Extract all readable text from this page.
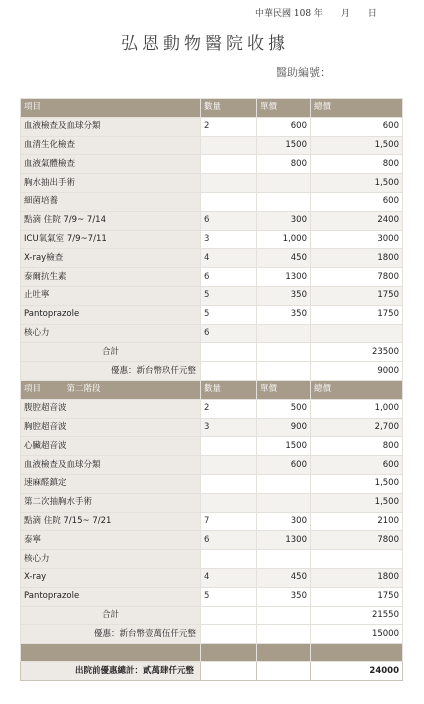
中華民國 108 年　　月　　日
弘恩動物醫院收據
醫助編號：
項目	數量	單價	總價
血液檢查及血球分類	2	600	600
血清生化檢查		1500	1,500
血液氣體檢查		800	800
胸水抽出手術			1,500
細菌培養			600
點滴 住院 7/9~ 7/14	6	300	2400
ICU氧氣室 7/9~7/11	3	1,000	3000
X-ray檢查	4	450	1800
泰爾抗生素	6	1300	7800
止吐寧	5	350	1750
Pantoprazole	5	350	1750
核心力	6		
合計			23500
優惠：新台幣玖仟元整			9000
項目　　　第二階段	數量	單價	總價
腹腔超音波	2	500	1,000
胸腔超音波	3	900	2,700
心臟超音波		1500	800
血液檢查及血球分類		600	600
速麻醛鎮定			1,500
第二次抽胸水手術			1,500
點滴 住院 7/15~ 7/21	7	300	2100
泰寧	6	1300	7800
核心力			
X-ray	4	450	1800
Pantoprazole	5	350	1750
合計			21550
優惠：新台幣壹萬伍仟元整			15000

出院前優惠總計：貳萬肆仟元整			24000
